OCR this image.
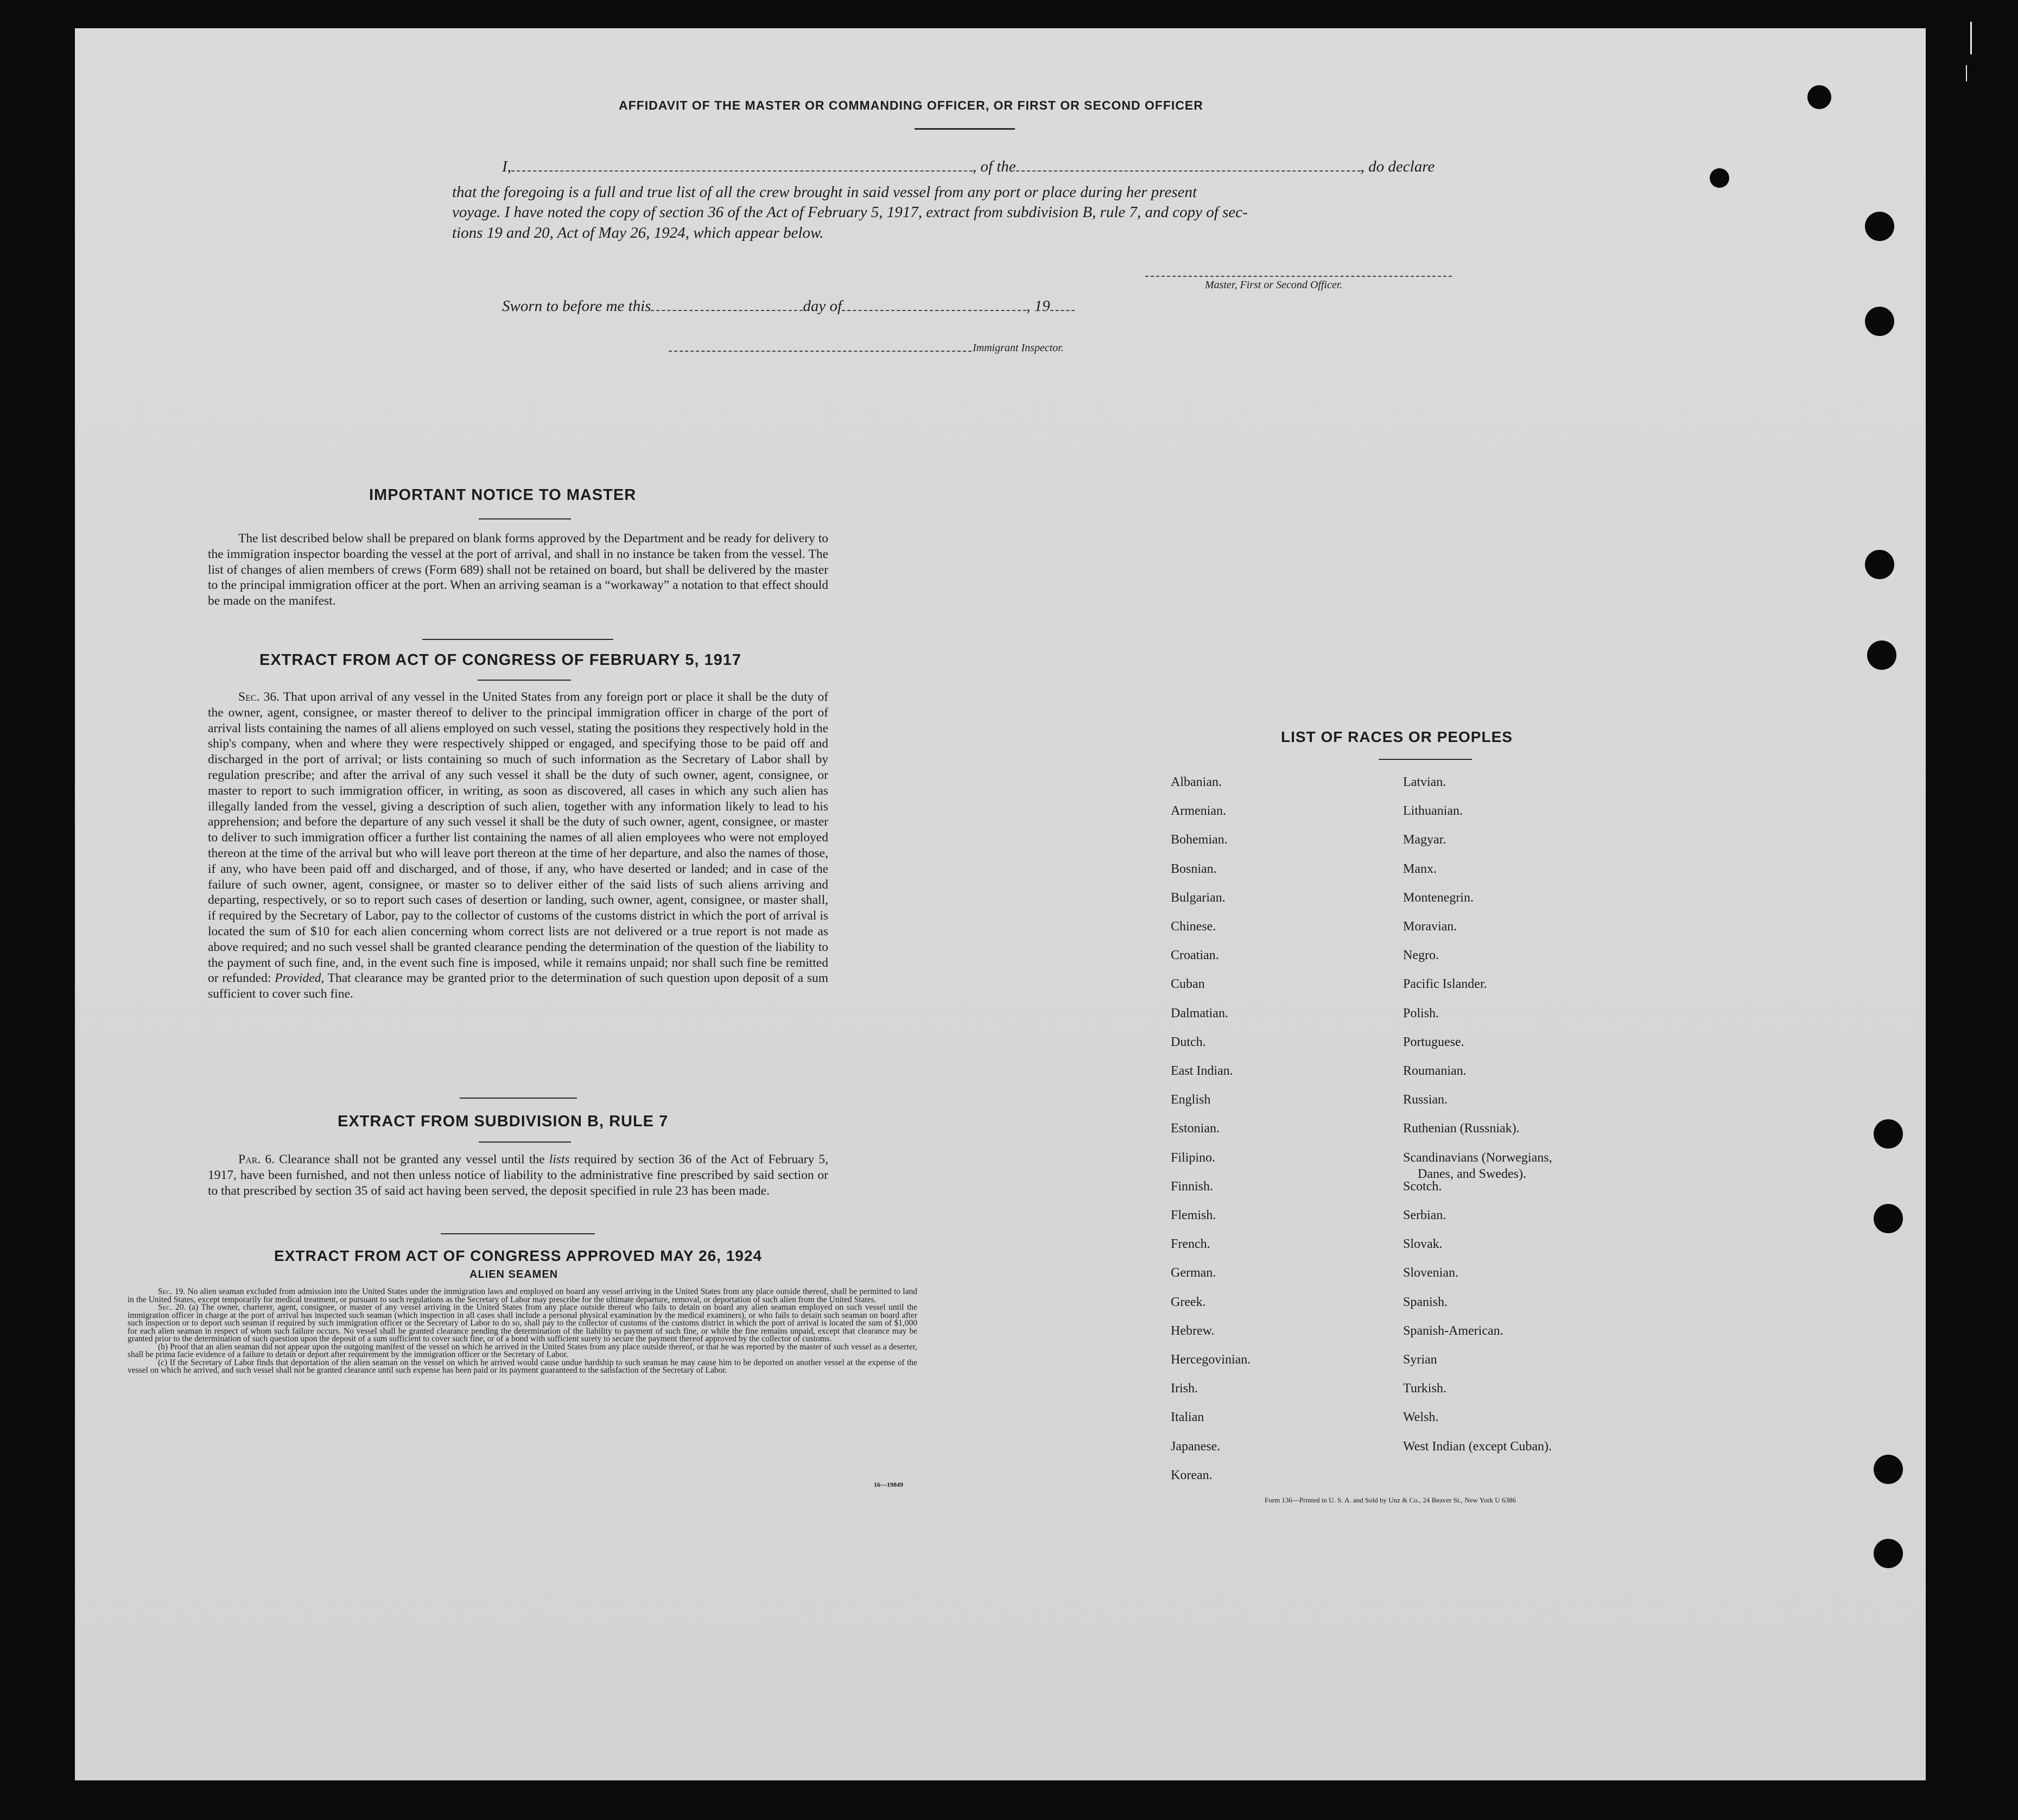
AFFIDAVIT OF THE MASTER OR COMMANDING OFFICER, OR FIRST OR SECOND OFFICER
I,	, of the	, do declare
that the foregoing is a full and true list of all the crew brought in said vessel from any port or place during her present
voyage. I have noted the copy of section 36 of the Act of February 5, 1917, extract from subdivision B, rule 7, and copy of sec-
tions 19 and 20, Act of May 26, 1924, which appear below.
Master, First or Second Officer.
Sworn to before me this	day of	, 19
Immigrant Inspector.
IMPORTANT NOTICE TO MASTER
The list described below shall be prepared on blank forms approved by the Department and be ready for delivery to the immigration inspector boarding the vessel at the port of arrival, and shall in no instance be taken from the vessel. The list of changes of alien members of crews (Form 689) shall not be retained on board, but shall be delivered by the master to the principal immigration officer at the port. When an arriving seaman is a “workaway” a notation to that effect should be made on the manifest.
EXTRACT FROM ACT OF CONGRESS OF FEBRUARY 5, 1917
Sec. 36. That upon arrival of any vessel in the United States from any foreign port or place it shall be the duty of the owner, agent, consignee, or master thereof to deliver to the principal immigration officer in charge of the port of arrival lists containing the names of all aliens employed on such vessel, stating the positions they respectively hold in the ship's company, when and where they were respectively shipped or engaged, and specifying those to be paid off and discharged in the port of arrival; or lists containing so much of such information as the Secretary of Labor shall by regulation prescribe; and after the arrival of any such vessel it shall be the duty of such owner, agent, consignee, or master to report to such immigration officer, in writing, as soon as discovered, all cases in which any such alien has illegally landed from the vessel, giving a description of such alien, together with any information likely to lead to his apprehension; and before the departure of any such vessel it shall be the duty of such owner, agent, consignee, or master to deliver to such immigration officer a further list containing the names of all alien employees who were not employed thereon at the time of the arrival but who will leave port thereon at the time of her departure, and also the names of those, if any, who have been paid off and discharged, and of those, if any, who have deserted or landed; and in case of the failure of such owner, agent, consignee, or master so to deliver either of the said lists of such aliens arriving and departing, respectively, or so to report such cases of desertion or landing, such owner, agent, consignee, or master shall, if required by the Secretary of Labor, pay to the collector of customs of the customs district in which the port of arrival is located the sum of $10 for each alien concerning whom correct lists are not delivered or a true report is not made as above required; and no such vessel shall be granted clearance pending the determination of the question of the liability to the payment of such fine, and, in the event such fine is imposed, while it remains unpaid; nor shall such fine be remitted or refunded: Provided, That clearance may be granted prior to the determination of such question upon deposit of a sum sufficient to cover such fine.
EXTRACT FROM SUBDIVISION B, RULE 7
Par. 6. Clearance shall not be granted any vessel until the lists required by section 36 of the Act of February 5, 1917, have been furnished, and not then unless notice of liability to the administrative fine prescribed by said section or to that prescribed by section 35 of said act having been served, the deposit specified in rule 23 has been made.
EXTRACT FROM ACT OF CONGRESS APPROVED MAY 26, 1924
ALIEN SEAMEN

Sec. 19. No alien seaman excluded from admission into the United States under the immigration laws and employed on board any vessel arriving in the United States from any place outside thereof, shall be permitted to land in the United States, except temporarily for medical treatment, or pursuant to such regulations as the Secretary of Labor may prescribe for the ultimate departure, removal, or deportation of such alien from the United States.

Sec. 20. (a) The owner, charterer, agent, consignee, or master of any vessel arriving in the United States from any place outside thereof who fails to detain on board any alien seaman employed on such vessel until the immigration officer in charge at the port of arrival has inspected such seaman (which inspection in all cases shall include a personal physical examination by the medical examiners), or who fails to detain such seaman on board after such inspection or to deport such seaman if required by such immigration officer or the Secretary of Labor to do so, shall pay to the collector of customs of the customs district in which the port of arrival is located the sum of $1,000 for each alien seaman in respect of whom such failure occurs. No vessel shall be granted clearance pending the determination of the liability to payment of such fine, or while the fine remains unpaid, except that clearance may be granted prior to the determination of such question upon the deposit of a sum sufficient to cover such fine, or of a bond with sufficient surety to secure the payment thereof approved by the collector of customs.

(b) Proof that an alien seaman did not appear upon the outgoing manifest of the vessel on which he arrived in the United States from any place outside thereof, or that he was reported by the master of such vessel as a deserter, shall be prima facie evidence of a failure to detain or deport after requirement by the immigration officer or the Secretary of Labor.

(c) If the Secretary of Labor finds that deportation of the alien seaman on the vessel on which he arrived would cause undue hardship to such seaman he may cause him to be deported on another vessel at the expense of the vessel on which he arrived, and such vessel shall not be granted clearance until such expense has been paid or its payment guaranteed to the satisfaction of the Secretary of Labor.

16—19849
LIST OF RACES OR PEOPLES
Albanian.
Armenian.
Bohemian.
Bosnian.
Bulgarian.
Chinese.
Croatian.
Cuban
Dalmatian.
Dutch.
East Indian.
English
Estonian.
Filipino.
Finnish.
Flemish.
French.
German.
Greek.
Hebrew.
Hercegovinian.
Irish.
Italian
Japanese.
Korean.
Latvian.
Lithuanian.
Magyar.
Manx.
Montenegrin.
Moravian.
Negro.
Pacific Islander.
Polish.
Portuguese.
Roumanian.
Russian.
Ruthenian (Russniak).
Scandinavians (Norwegians,
Danes, and Swedes).
Scotch.
Serbian.
Slovak.
Slovenian.
Spanish.
Spanish-American.
Syrian
Turkish.
Welsh.
West Indian (except Cuban).
Form 136—Printed in U. S. A. and Sold by Unz & Co., 24 Beaver St., New York U 6386
